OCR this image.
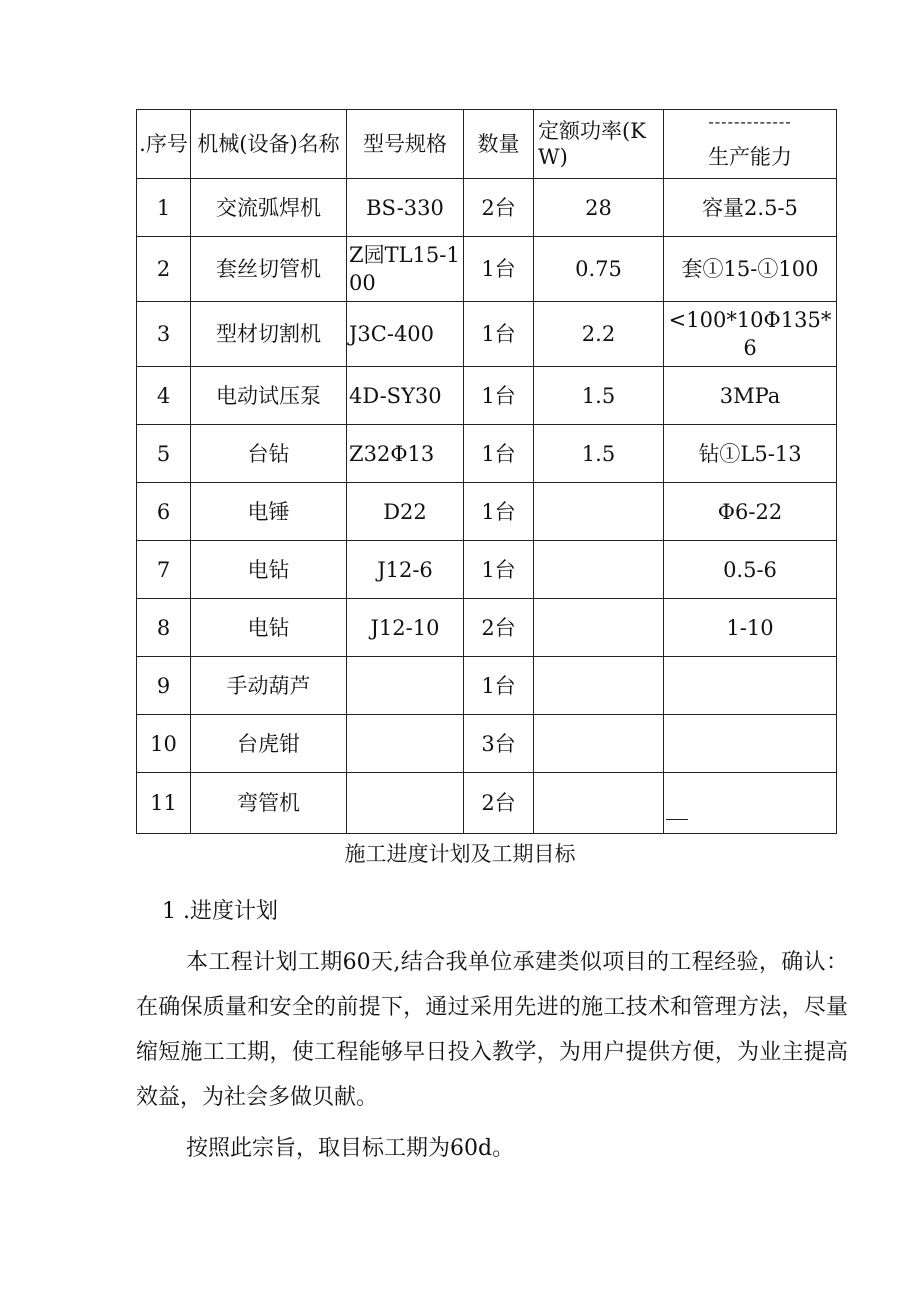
.序号	机械(设备)名称	型号规格	数量	定额功率(KW)	-------------
生产能力

1	交流弧焊机	BS-330	2台	28	容量2.5-5
2	套丝切管机	Z园TL15-100	1台	0.75	套①15-①100
3	型材切割机	J3C-400	1台	2.2	<100*10Φ135*6
4	电动试压泵	4D-SY30	1台	1.5	3MPa
5	台钻	Z32Φ13	1台	1.5	钻①L5-13
6	电锤	D22	1台		Φ6-22
7	电钻	J12-6	1台		0.5-6
8	电钻	J12-10	2台		1-10
9	手动葫芦		1台		
10	台虎钳		3台		
11	弯管机		2台		

施工进度计划及工期目标

1 .进度计划

本工程计划工期60天,结合我单位承建类似项目的工程经验，确认：在确保质量和安全的前提下，通过采用先进的施工技术和管理方法，尽量缩短施工工期，使工程能够早日投入教学，为用户提供方便，为业主提高效益，为社会多做贝献。

按照此宗旨，取目标工期为60d。
